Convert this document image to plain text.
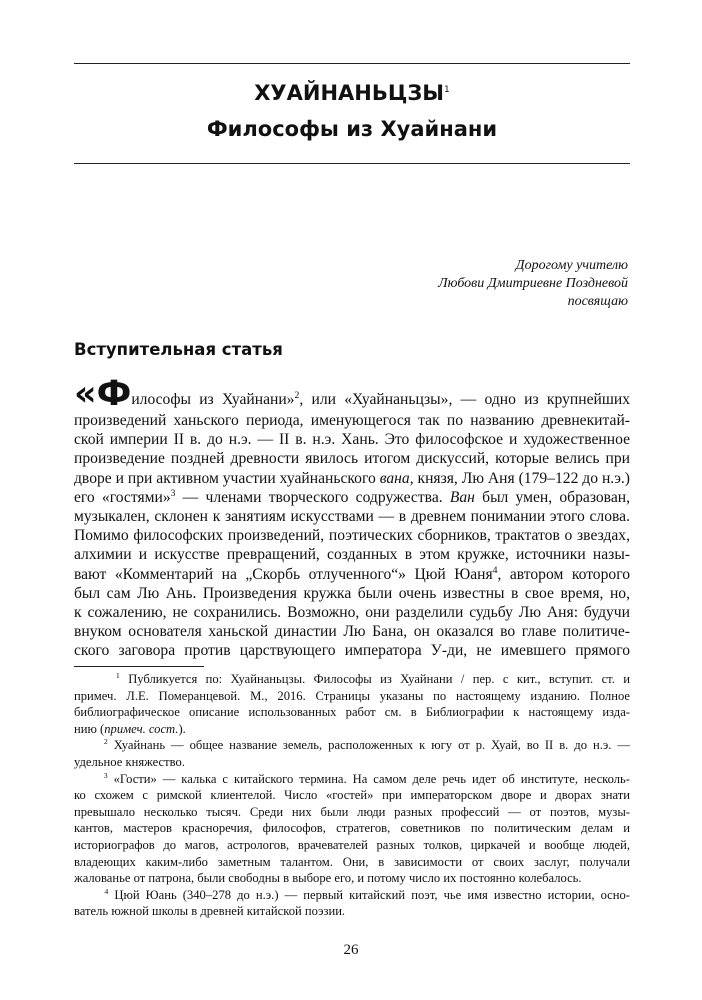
ХУАЙНАНЬЦЗЫ$^1$
Философы из Хуайнани
Дорогому учителю
Любови Дмитриевне Поздневой
посвящаю
Вступительная статья
«Философы из Хуайнани»$^2$, или «Хуайнаньцзы», — одно из крупнейших
произведений ханьского периода, именующегося так по названию древнекитай-
ской империи II в. до н.э. — II в. н.э. Хань. Это философское и художественное
произведение поздней древности явилось итогом дискуссий, которые велись при
дворе и при активном участии хуайнаньского вана, князя, Лю Аня (179–122 до н.э.)
его «гостями»$^3$ — членами творческого содружества. Ван был умен, образован,
музыкален, склонен к занятиям искусствами — в древнем понимании этого слова.
Помимо философских произведений, поэтических сборников, трактатов о звездах,
алхимии и искусстве превращений, созданных в этом кружке, источники назы-
вают «Комментарий на „Скорбь отлученного“» Цюй Юаня$^4$, автором которого
был сам Лю Ань. Произведения кружка были очень известны в свое время, но,
к сожалению, не сохранились. Возможно, они разделили судьбу Лю Аня: будучи
внуком основателя ханьской династии Лю Бана, он оказался во главе политиче-
ского заговора против царствующего императора У-ди, не имевшего прямого
$^1$ Публикуется по: Хуайнаньцзы. Философы из Хуайнани / пер. с кит., вступит. ст. и
примеч. Л.Е. Померанцевой. М., 2016. Страницы указаны по настоящему изданию. Полное
библиографическое описание использованных работ см. в Библиографии к настоящему изда-
нию (примеч. сост.).
$^2$ Хуайнань — общее название земель, расположенных к югу от р. Хуай, во II в. до н.э. —
удельное княжество.
$^3$ «Гости» — калька с китайского термина. На самом деле речь идет об институте, несколь-
ко схожем с римской клиентелой. Число «гостей» при императорском дворе и дворах знати
превышало несколько тысяч. Среди них были люди разных профессий — от поэтов, музы-
кантов, мастеров красноречия, философов, стратегов, советников по политическим делам и
историографов до магов, астрологов, врачевателей разных толков, циркачей и вообще людей,
владеющих каким-либо заметным талантом. Они, в зависимости от своих заслуг, получали
жалованье от патрона, были свободны в выборе его, и потому число их постоянно колебалось.
$^4$ Цюй Юань (340–278 до н.э.) — первый китайский поэт, чье имя известно истории, осно-
ватель южной школы в древней китайской поэзии.
26
